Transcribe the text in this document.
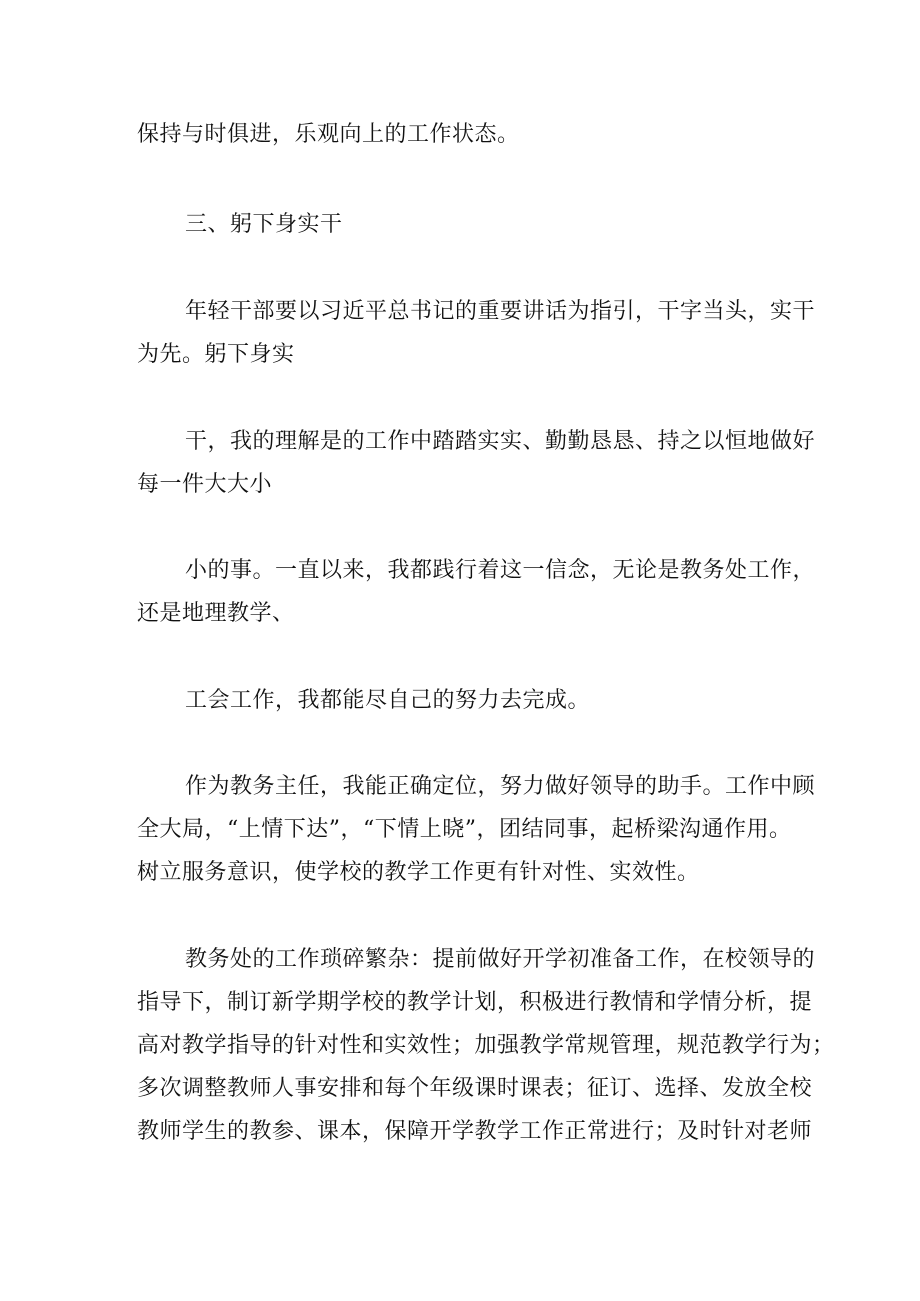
保持与时俱进，乐观向上的工作状态。
三、躬下身实干
年轻干部要以习近平总书记的重要讲话为指引，干字当头，实干
为先。躬下身实
干，我的理解是的工作中踏踏实实、勤勤恳恳、持之以恒地做好
每一件大大小
小的事。一直以来，我都践行着这一信念，无论是教务处工作，
还是地理教学、
工会工作，我都能尽自己的努力去完成。
作为教务主任，我能正确定位，努力做好领导的助手。工作中顾
全大局，“上情下达”，“下情上晓”，团结同事，起桥梁沟通作用。
树立服务意识，使学校的教学工作更有针对性、实效性。
教务处的工作琐碎繁杂：提前做好开学初准备工作，在校领导的
指导下，制订新学期学校的教学计划，积极进行教情和学情分析，提
高对教学指导的针对性和实效性；加强教学常规管理，规范教学行为；
多次调整教师人事安排和每个年级课时课表；征订、选择、发放全校
教师学生的教参、课本，保障开学教学工作正常进行；及时针对老师
